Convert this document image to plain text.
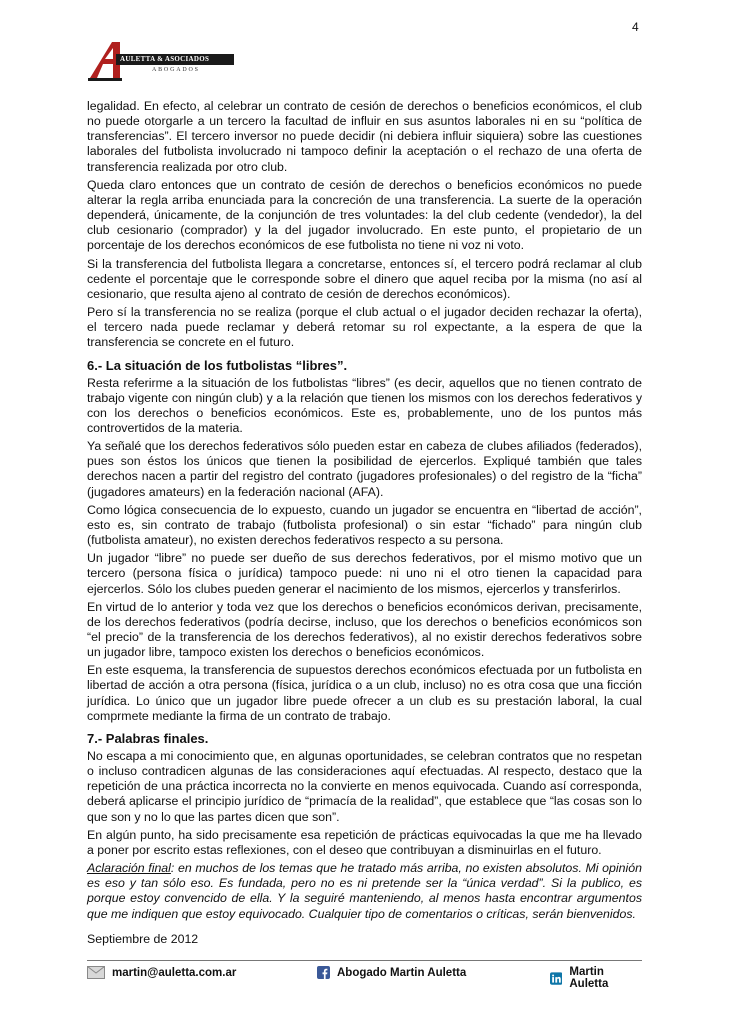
4
AULETTA & ASOCIADOS
ABOGADOS

legalidad. En efecto, al celebrar un contrato de cesión de derechos o beneficios económicos, el club no puede otorgarle a un tercero la facultad de influir en sus asuntos laborales ni en su “política de transferencias”. El tercero inversor no puede decidir (ni debiera influir siquiera) sobre las cuestiones laborales del futbolista involucrado ni tampoco definir la aceptación o el rechazo de una oferta de transferencia realizada por otro club.

Queda claro entonces que un contrato de cesión de derechos o beneficios económicos no puede alterar la regla arriba enunciada para la concreción de una transferencia. La suerte de la operación dependerá, únicamente, de la conjunción de tres voluntades: la del club cedente (vendedor), la del club cesionario (comprador) y la del jugador involucrado. En este punto, el propietario de un porcentaje de los derechos económicos de ese futbolista no tiene ni voz ni voto.

Si la transferencia del futbolista llegara a concretarse, entonces sí, el tercero podrá reclamar al club cedente el porcentaje que le corresponde sobre el dinero que aquel reciba por la misma (no así al cesionario, que resulta ajeno al contrato de cesión de derechos económicos).

Pero sí la transferencia no se realiza (porque el club actual o el jugador deciden rechazar la oferta), el tercero nada puede reclamar y deberá retomar su rol expectante, a la espera de que la transferencia se concrete en el futuro.

6.- La situación de los futbolistas “libres”.

Resta referirme a la situación de los futbolistas “libres” (es decir, aquellos que no tienen contrato de trabajo vigente con ningún club) y a la relación que tienen los mismos con los derechos federativos y con los derechos o beneficios económicos. Este es, probablemente, uno de los puntos más controvertidos de la materia.

Ya señalé que los derechos federativos sólo pueden estar en cabeza de clubes afiliados (federados), pues son éstos los únicos que tienen la posibilidad de ejercerlos. Expliqué también que tales derechos nacen a partir del registro del contrato (jugadores profesionales) o del registro de la “ficha” (jugadores amateurs) en la federación nacional (AFA).

Como lógica consecuencia de lo expuesto, cuando un jugador se encuentra en “libertad de acción”, esto es, sin contrato de trabajo (futbolista profesional) o sin estar “fichado” para ningún club (futbolista amateur), no existen derechos federativos respecto a su persona.

Un jugador “libre” no puede ser dueño de sus derechos federativos, por el mismo motivo que un tercero (persona física o jurídica) tampoco puede: ni uno ni el otro tienen la capacidad para ejercerlos. Sólo los clubes pueden generar el nacimiento de los mismos, ejercerlos y transferirlos.

En virtud de lo anterior y toda vez que los derechos o beneficios económicos derivan, precisamente, de los derechos federativos (podría decirse, incluso, que los derechos o beneficios económicos son “el precio” de la transferencia de los derechos federativos), al no existir derechos federativos sobre un jugador libre, tampoco existen los derechos o beneficios económicos.

En este esquema, la transferencia de supuestos derechos económicos efectuada por un futbolista en libertad de acción a otra persona (física, jurídica o a un club, incluso) no es otra cosa que una ficción jurídica. Lo único que un jugador libre puede ofrecer a un club es su prestación laboral, la cual comprmete mediante la firma de un contrato de trabajo.

7.- Palabras finales.

No escapa a mi conocimiento que, en algunas oportunidades, se celebran contratos que no respetan o incluso contradicen algunas de las consideraciones aquí efectuadas. Al respecto, destaco que la repetición de una práctica incorrecta no la convierte en menos equivocada. Cuando así corresponda, deberá aplicarse el principio jurídico de “primacía de la realidad”, que establece que “las cosas son lo que son y no lo que las partes dicen que son”.

En algún punto, ha sido precisamente esa repetición de prácticas equivocadas la que me ha llevado a poner por escrito estas reflexiones, con el deseo que contribuyan a disminuirlas en el futuro.

Aclaración final: en muchos de los temas que he tratado más arriba, no existen absolutos. Mi opinión es eso y tan sólo eso. Es fundada, pero no es ni pretende ser la “única verdad”. Si la publico, es porque estoy convencido de ella. Y la seguiré manteniendo, al menos hasta encontrar argumentos que me indiquen que estoy equivocado. Cualquier tipo de comentarios o críticas, serán bienvenidos.

Septiembre de 2012

martin@auletta.com.ar	Abogado Martin Auletta	Martin Auletta
